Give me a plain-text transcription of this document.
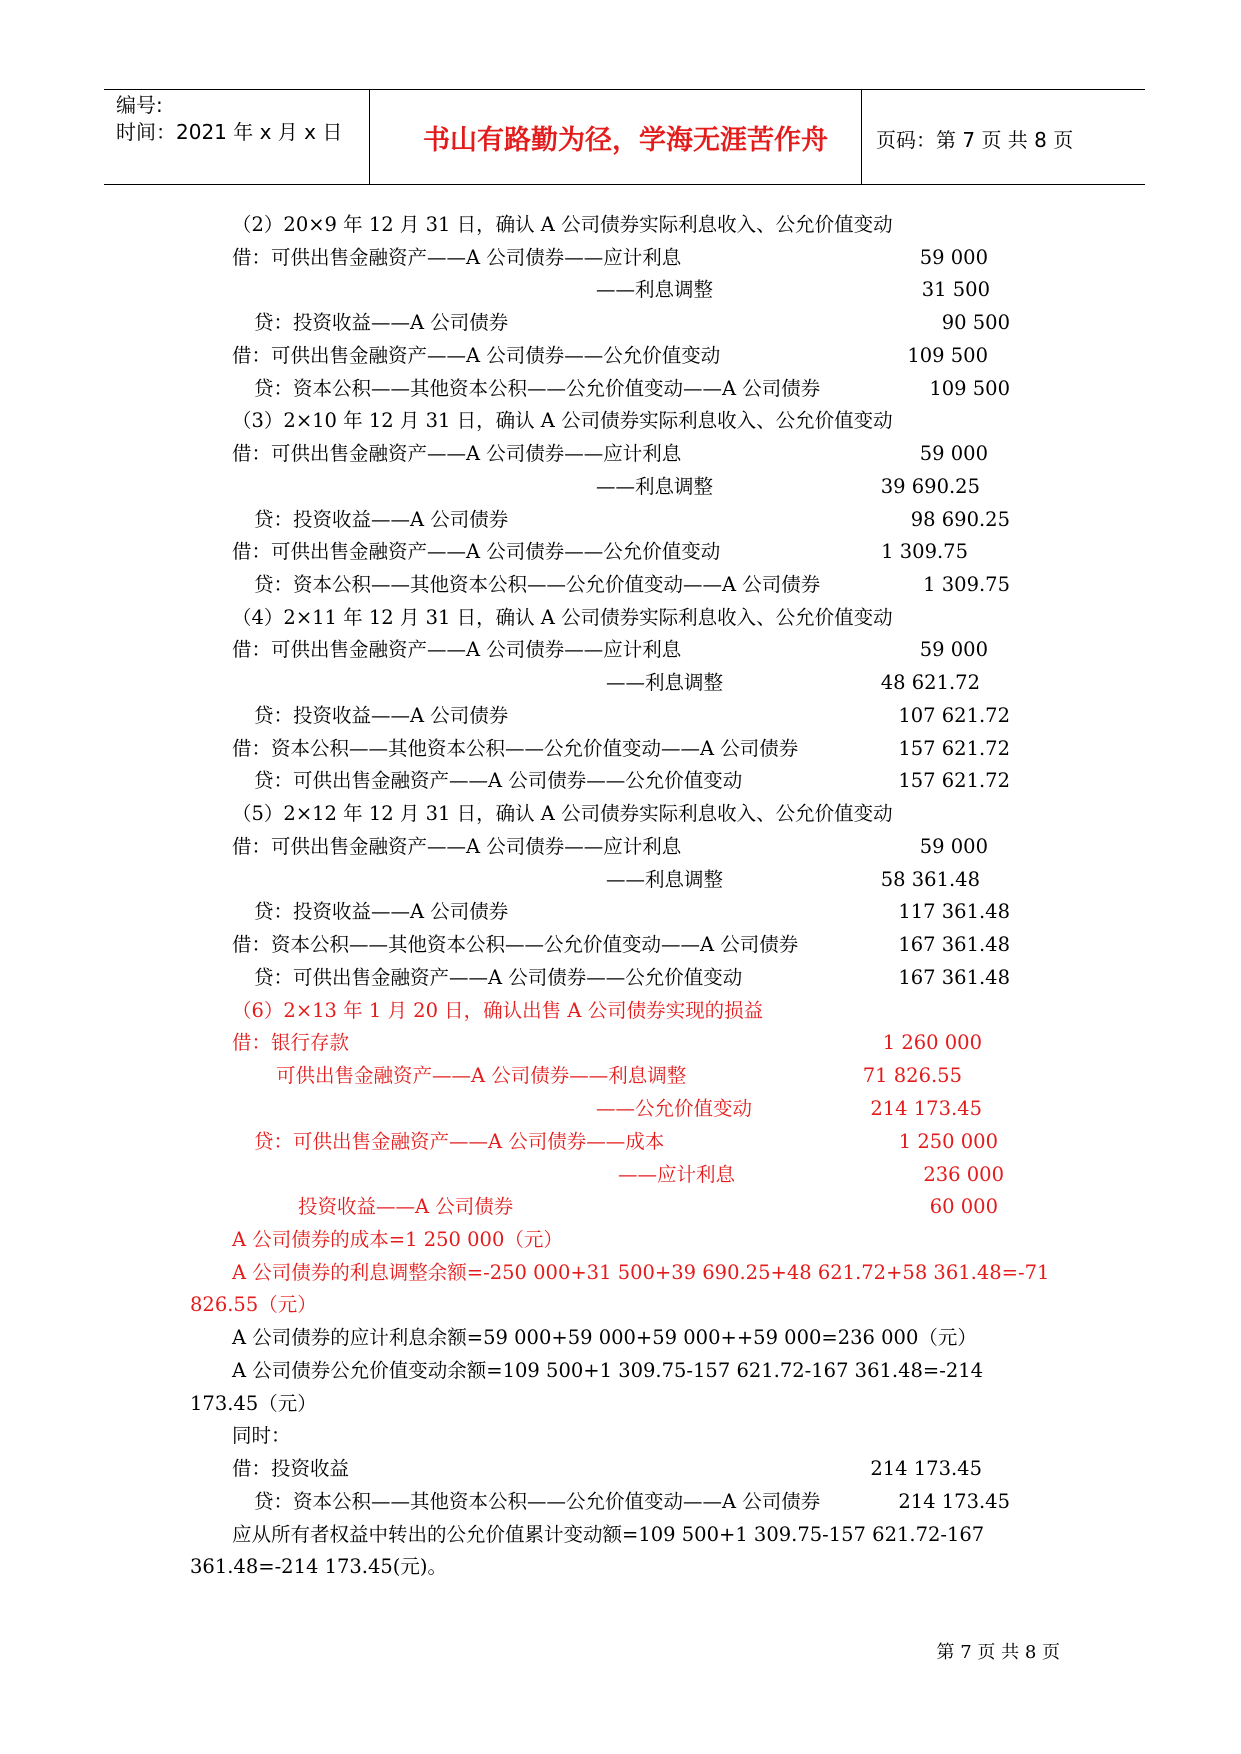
编号:
时间：2021 年 x 月 x 日	书山有路勤为径，学海无涯苦作舟	页码：第 7 页 共 8 页
（2）20×9 年 12 月 31 日，确认 A 公司债券实际利息收入、公允价值变动
借：可供出售金融资产——A 公司债券——应计利息	59 000
——利息调整	31 500
贷：投资收益——A 公司债券	90 500
借：可供出售金融资产——A 公司债券——公允价值变动	109 500
贷：资本公积——其他资本公积——公允价值变动——A 公司债券	109 500
（3）2×10 年 12 月 31 日，确认 A 公司债券实际利息收入、公允价值变动
借：可供出售金融资产——A 公司债券——应计利息	59 000
——利息调整	39 690.25
贷：投资收益——A 公司债券	98 690.25
借：可供出售金融资产——A 公司债券——公允价值变动	1 309.75
贷：资本公积——其他资本公积——公允价值变动——A 公司债券	1 309.75
（4）2×11 年 12 月 31 日，确认 A 公司债券实际利息收入、公允价值变动
借：可供出售金融资产——A 公司债券——应计利息	59 000
——利息调整	48 621.72
贷：投资收益——A 公司债券	107 621.72
借：资本公积——其他资本公积——公允价值变动——A 公司债券	157 621.72
贷：可供出售金融资产——A 公司债券——公允价值变动	157 621.72
（5）2×12 年 12 月 31 日，确认 A 公司债券实际利息收入、公允价值变动
借：可供出售金融资产——A 公司债券——应计利息	59 000
——利息调整	58 361.48
贷：投资收益——A 公司债券	117 361.48
借：资本公积——其他资本公积——公允价值变动——A 公司债券	167 361.48
贷：可供出售金融资产——A 公司债券——公允价值变动	167 361.48
（6）2×13 年 1 月 20 日，确认出售 A 公司债券实现的损益
借：银行存款	1 260 000
可供出售金融资产——A 公司债券——利息调整	71 826.55
——公允价值变动	214 173.45
贷：可供出售金融资产——A 公司债券——成本	1 250 000
——应计利息	236 000
投资收益——A 公司债券	60 000
A 公司债券的成本=1 250 000（元）
A 公司债券的利息调整余额=-250 000+31 500+39 690.25+48 621.72+58 361.48=-71
826.55（元）
A 公司债券的应计利息余额=59 000+59 000+59 000++59 000=236 000（元）
A 公司债券公允价值变动余额=109 500+1 309.75-157 621.72-167 361.48=-214
173.45（元）
同时：
借：投资收益	214 173.45
贷：资本公积——其他资本公积——公允价值变动——A 公司债券	214 173.45
应从所有者权益中转出的公允价值累计变动额=109 500+1 309.75-157 621.72-167
361.48=-214 173.45(元)。
第 7 页 共 8 页
